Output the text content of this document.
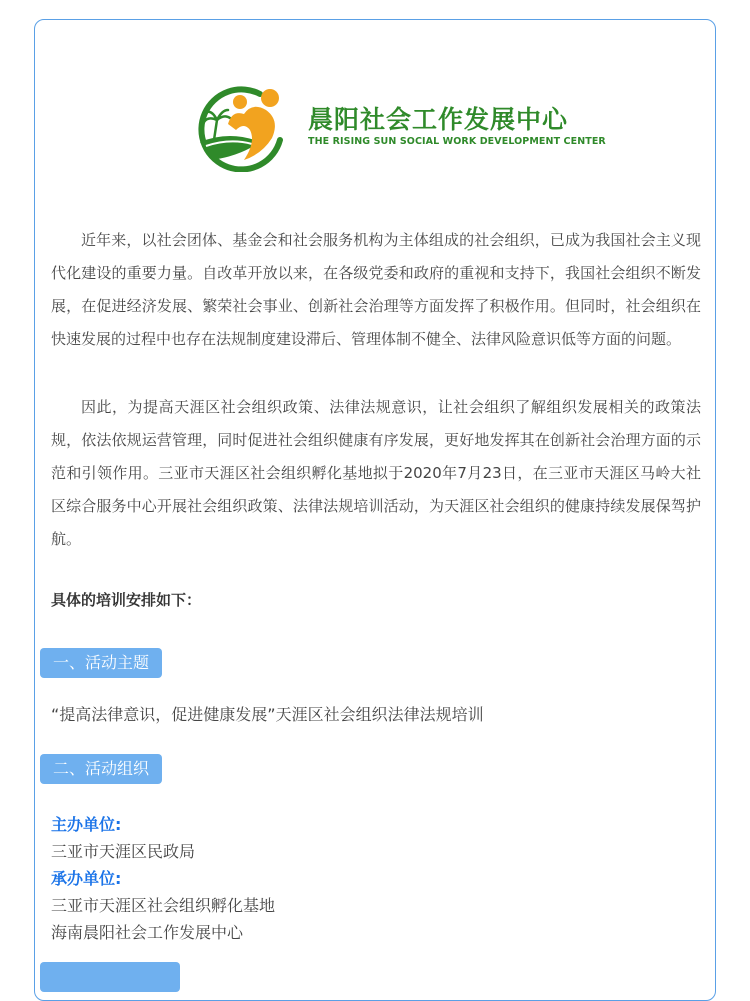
晨阳社会工作发展中心
THE RISING SUN SOCIAL WORK DEVELOPMENT CENTER

近年来，以社会团体、基金会和社会服务机构为主体组成的社会组织，已成为我国社会主义现代化建设的重要力量。自改革开放以来，在各级党委和政府的重视和支持下，我国社会组织不断发展，在促进经济发展、繁荣社会事业、创新社会治理等方面发挥了积极作用。但同时，社会组织在快速发展的过程中也存在法规制度建设滞后、管理体制不健全、法律风险意识低等方面的问题。

因此，为提高天涯区社会组织政策、法律法规意识，让社会组织了解组织发展相关的政策法规，依法依规运营管理，同时促进社会组织健康有序发展，更好地发挥其在创新社会治理方面的示范和引领作用。三亚市天涯区社会组织孵化基地拟于2020年7月23日，在三亚市天涯区马岭大社区综合服务中心开展社会组织政策、法律法规培训活动，为天涯区社会组织的健康持续发展保驾护航。

具体的培训安排如下：
一、活动主题
“提高法律意识，促进健康发展”天涯区社会组织法律法规培训
二、活动组织
主办单位:
三亚市天涯区民政局
承办单位:
三亚市天涯区社会组织孵化基地
海南晨阳社会工作发展中心
